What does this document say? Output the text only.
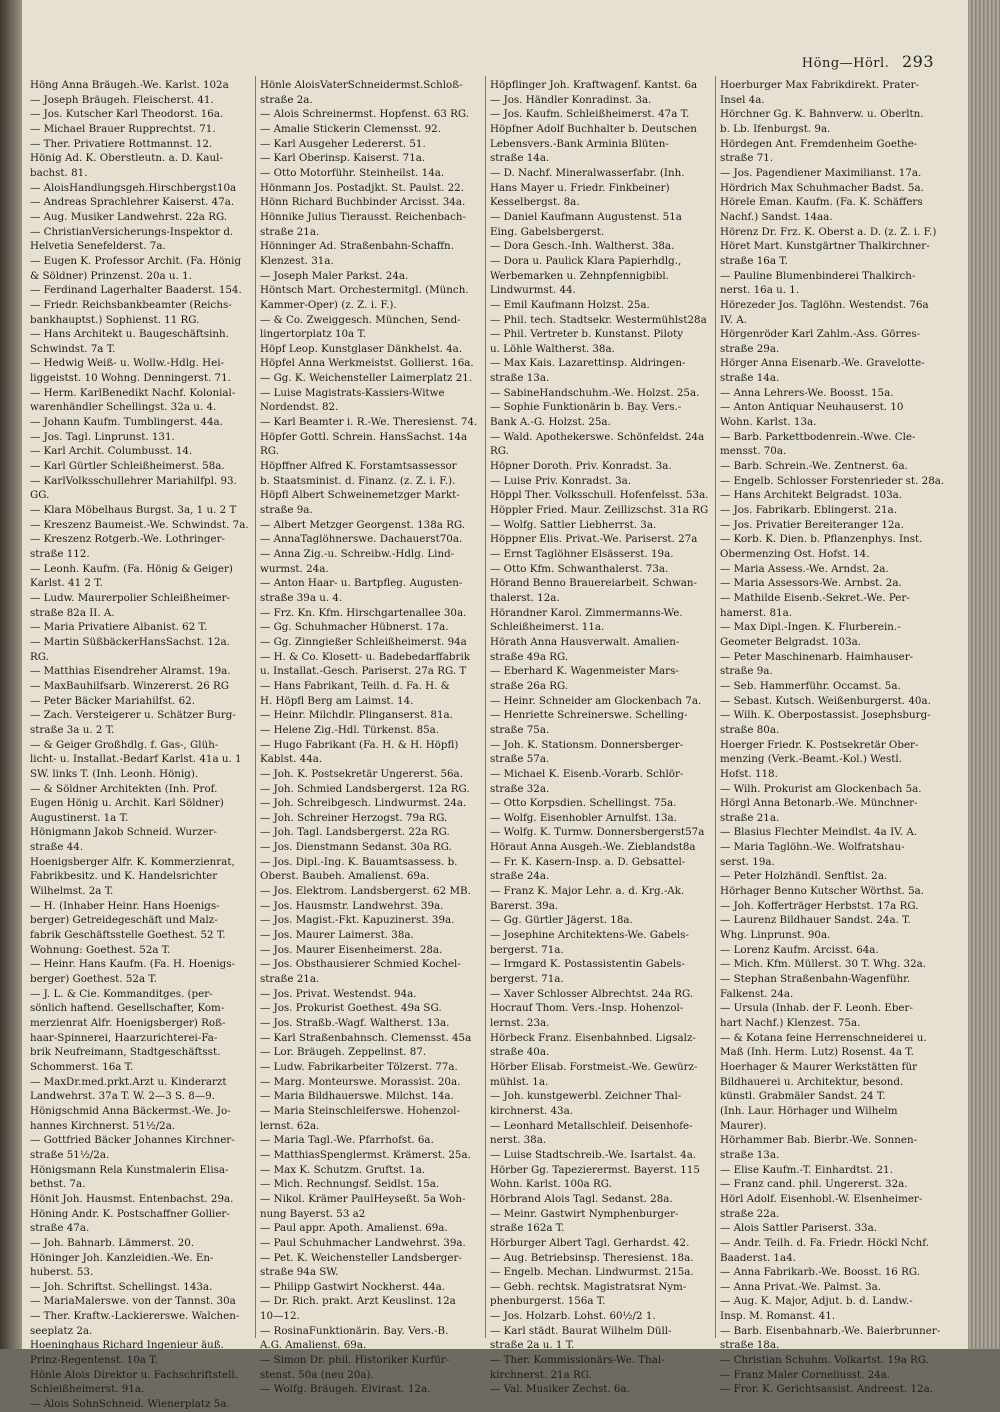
Höng—Hörl. 293
Höng Anna Bräugeh.-We. Karlst. 102a
— Joseph Bräugeh. Fleischerst. 41.
— Jos. Kutscher Karl Theodorst. 16a.
— Michael Brauer Rupprechtst. 71.
— Ther. Privatiere Rottmannst. 12.
Hönig Ad. K. Oberstleutn. a. D. Kaul-
bachst. 81.
— AloisHandlungsgeh.Hirschbergst10a
— Andreas Sprachlehrer Kaiserst. 47a.
— Aug. Musiker Landwehrst. 22a RG.
— ChristianVersicherungs-Inspektor d.
Helvetia Senefelderst. 7a.
— Eugen K. Professor Archit. (Fa. Hönig
& Söldner) Prinzenst. 20a u. 1.
— Ferdinand Lagerhalter Baaderst. 154.
— Friedr. Reichsbankbeamter (Reichs-
bankhauptst.) Sophienst. 11 RG.
— Hans Architekt u. Baugeschäftsinh.
Schwindst. 7a T.
— Hedwig Weiß- u. Wollw.-Hdlg. Hei-
liggeistst. 10 Wohng. Denningerst. 71.
— Herm. KarlBenedikt Nachf. Kolonial-
warenhändler Schellingst. 32a u. 4.
— Johann Kaufm. Tumblingerst. 44a.
— Jos. Tagl. Linprunst. 131.
— Karl Archit. Columbusst. 14.
— Karl Gürtler Schleißheimerst. 58a.
— KarlVolksschullehrer Mariahilfpl. 93.
GG.
— Klara Möbelhaus Burgst. 3a, 1 u. 2 T
— Kreszenz Baumeist.-We. Schwindst. 7a.
— Kreszenz Rotgerb.-We. Lothringer-
straße 112.
— Leonh. Kaufm. (Fa. Hönig & Geiger)
Karlst. 41 2 T.
— Ludw. Maurerpolier Schleißheimer-
straße 82a II. A.
— Maria Privatiere Albanist. 62 T.
— Martin SüßbäckerHansSachst. 12a.
RG.
— Matthias Eisendreher Alramst. 19a.
— MaxBauhilfsarb. Winzererst. 26 RG
— Peter Bäcker Mariahilfst. 62.
— Zach. Versteigerer u. Schätzer Burg-
straße 3a u. 2 T.
— & Geiger Großhdlg. f. Gas-, Glüh-
licht- u. Installat.-Bedarf Karlst. 41a u. 1
SW. links T. (Inh. Leonh. Hönig).
— & Söldner Architekten (Inh. Prof.
Eugen Hönig u. Archit. Karl Söldner)
Augustinerst. 1a T.
Hönigmann Jakob Schneid. Wurzer-
straße 44.
Hoenigsberger Alfr. K. Kommerzienrat,
Fabrikbesitz. und K. Handelsrichter
Wilhelmst. 2a T.
— H. (Inhaber Heinr. Hans Hoenigs-
berger) Getreidegeschäft und Malz-
fabrik Geschäftsstelle Goethest. 52 T.
Wohnung: Goethest. 52a T.
— Heinr. Hans Kaufm. (Fa. H. Hoenigs-
berger) Goethest. 52a T.
— J. L. & Cie. Kommanditges. (per-
sönlich haftend. Gesellschafter, Kom-
merzienrat Alfr. Hoenigsberger) Roß-
haar-Spinnerei, Haarzurichterei-Fa-
brik Neufreimann, Stadtgeschäftsst.
Schommerst. 16a T.
— MaxDr.med.prkt.Arzt u. Kinderarzt
Landwehrst. 37a T. W. 2—3 S. 8—9.
Hönigschmid Anna Bäckermst.-We. Jo-
hannes Kirchnerst. 51½/2a.
— Gottfried Bäcker Johannes Kirchner-
straße 51½/2a.
Hönigsmann Rela Kunstmalerin Elisa-
bethst. 7a.
Hönit Joh. Hausmst. Entenbachst. 29a.
Höning Andr. K. Postschaffner Gollier-
straße 47a.
— Joh. Bahnarb. Lämmerst. 20.
Höninger Joh. Kanzleidien.-We. En-
huberst. 53.
— Joh. Schriftst. Schellingst. 143a.
— MariaMalerswe. von der Tannst. 30a
— Ther. Kraftw.-Lackiererswe. Walchen-
seeplatz 2a.
Hoeninghaus Richard Ingenieur äuß.
Prinz-Regentenst. 10a T.
Hönle Alois Direktor u. Fachschriftstell.
Schleißheimerst. 91a.
— Alois SohnSchneid. Wienerplatz 5a.
Hönle AloisVaterSchneidermst.Schloß-
straße 2a.
— Alois Schreinermst. Hopfenst. 63 RG.
— Amalie Stickerin Clemensst. 92.
— Karl Ausgeher Ledererst. 51.
— Karl Oberinsp. Kaiserst. 71a.
— Otto Motorführ. Steinheilst. 14a.
Hönmann Jos. Postadjkt. St. Paulst. 22.
Hönn Richard Buchbinder Arcisst. 34a.
Hönnike Julius Tierausst. Reichenbach-
straße 21a.
Hönninger Ad. Straßenbahn-Schaffn.
Klenzest. 31a.
— Joseph Maler Parkst. 24a.
Höntsch Mart. Orchestermitgl. (Münch.
Kammer-Oper) (z. Z. i. F.).
— & Co. Zweiggesch. München, Send-
lingertorplatz 10a T.
Höpf Leop. Kunstglaser Dänkhelst. 4a.
Höpfel Anna Werkmeistst. Gollierst. 16a.
— Gg. K. Weichensteller Laimerplatz 21.
— Luise Magistrats-Kassiers-Witwe
Nordendst. 82.
— Karl Beamter i. R.-We. Theresienst. 74.
Höpfer Gottl. Schrein. HansSachst. 14a
RG.
Höpffner Alfred K. Forstamtsassessor
b. Staatsminist. d. Finanz. (z. Z. i. F.).
Höpfl Albert Schweinemetzger Markt-
straße 9a.
— Albert Metzger Georgenst. 138a RG.
— AnnaTaglöhnerswe. Dachauerst70a.
— Anna Zig.-u. Schreibw.-Hdlg. Lind-
wurmst. 24a.
— Anton Haar- u. Bartpfleg. Augusten-
straße 39a u. 4.
— Frz. Kn. Kfm. Hirschgartenallee 30a.
— Gg. Schuhmacher Hübnerst. 17a.
— Gg. Zinngießer Schleißheimerst. 94a
— H. & Co. Klosett- u. Badebedarffabrik
u. Installat.-Gesch. Pariserst. 27a RG. T
— Hans Fabrikant, Teilh. d. Fa. H. &
H. Höpfl Berg am Laimst. 14.
— Heinr. Milchdlr. Plinganserst. 81a.
— Helene Zig.-Hdl. Türkenst. 85a.
— Hugo Fabrikant (Fa. H. & H. Höpfl)
Kablst. 44a.
— Joh. K. Postsekretär Ungererst. 56a.
— Joh. Schmied Landsbergerst. 12a RG.
— Joh. Schreibgesch. Lindwurmst. 24a.
— Joh. Schreiner Herzogst. 79a RG.
— Joh. Tagl. Landsbergerst. 22a RG.
— Jos. Dienstmann Sedanst. 30a RG.
— Jos. Dipl.-Ing. K. Bauamtsassess. b.
Oberst. Baubeh. Amalienst. 69a.
— Jos. Elektrom. Landsbergerst. 62 MB.
— Jos. Hausmstr. Landwehrst. 39a.
— Jos. Magist.-Fkt. Kapuzinerst. 39a.
— Jos. Maurer Laimerst. 38a.
— Jos. Maurer Eisenheimerst. 28a.
— Jos. Obsthausierer Schmied Kochel-
straße 21a.
— Jos. Privat. Westendst. 94a.
— Jos. Prokurist Goethest. 49a SG.
— Jos. Straßb.-Wagf. Waltherst. 13a.
— Karl Straßenbahnsch. Clemensst. 45a
— Lor. Bräugeh. Zeppelinst. 87.
— Ludw. Fabrikarbeiter Tölzerst. 77a.
— Marg. Monteurswe. Morassist. 20a.
— Maria Bildhauerswe. Milchst. 14a.
— Maria Steinschleiferswe. Hohenzol-
lernst. 62a.
— Maria Tagl.-We. Pfarrhofst. 6a.
— MatthiasSpenglermst. Krämerst. 25a.
— Max K. Schutzm. Gruftst. 1a.
— Mich. Rechnungsf. Seidlst. 15a.
— Nikol. Krämer PaulHeyseßt. 5a Woh-
nung Bayerst. 53 a2
— Paul appr. Apoth. Amalienst. 69a.
— Paul Schuhmacher Landwehrst. 39a.
— Pet. K. Weichensteller Landsberger-
straße 94a SW.
— Philipp Gastwirt Nockherst. 44a.
— Dr. Rich. prakt. Arzt Keuslinst. 12a
10—12.
— RosinaFunktionärin. Bay. Vers.-B.
A.G. Amalienst. 69a.
— Simon Dr. phil. Historiker Kurfür-
stenst. 50a (neu 20a).
— Wolfg. Bräugeh. Elvirast. 12a.
Höpflinger Joh. Kraftwagenf. Kantst. 6a
— Jos. Händler Konradinst. 3a.
— Jos. Kaufm. Schleißheimerst. 47a T.
Höpfner Adolf Buchhalter b. Deutschen
Lebensvers.-Bank Arminia Blüten-
straße 14a.
— D. Nachf. Mineralwasserfabr. (Inh.
Hans Mayer u. Friedr. Finkbeiner)
Kesselbergst. 8a.
— Daniel Kaufmann Augustenst. 51a
Eing. Gabelsbergerst.
— Dora Gesch.-Inh. Waltherst. 38a.
— Dora u. Paulick Klara Papierhdlg.,
Werbemarken u. Zehnpfennigbibl.
Lindwurmst. 44.
— Emil Kaufmann Holzst. 25a.
— Phil. tech. Stadtsekr. Westermühlst28a
— Phil. Vertreter b. Kunstanst. Piloty
u. Löhle Waltherst. 38a.
— Max Kais. Lazarettinsp. Aldringen-
straße 13a.
— SabineHandschuhm.-We. Holzst. 25a.
— Sophie Funktionärin b. Bay. Vers.-
Bank A.-G. Holzst. 25a.
— Wald. Apothekerswe. Schönfeldst. 24a
RG.
Höpner Doroth. Priv. Konradst. 3a.
— Luise Priv. Konradst. 3a.
Höppl Ther. Volksschull. Hofenfelsst. 53a.
Höppler Fried. Maur. Zeillizschst. 31a RG
— Wolfg. Sattler Liebherrst. 3a.
Höppner Elis. Privat.-We. Pariserst. 27a
— Ernst Taglöhner Elsässerst. 19a.
— Otto Kfm. Schwanthalerst. 73a.
Hörand Benno Brauereiarbeit. Schwan-
thalerst. 12a.
Hörandner Karol. Zimmermanns-We.
Schleißheimerst. 11a.
Hörath Anna Hausverwalt. Amalien-
straße 49a RG.
— Eberhard K. Wagenmeister Mars-
straße 26a RG.
— Heinr. Schneider am Glockenbach 7a.
— Henriette Schreinerswe. Schelling-
straße 75a.
— Joh. K. Stationsm. Donnersberger-
straße 57a.
— Michael K. Eisenb.-Vorarb. Schlör-
straße 32a.
— Otto Korpsdien. Schellingst. 75a.
— Wolfg. Eisenhobler Arnulfst. 13a.
— Wolfg. K. Turmw. Donnersbergerst57a
Höraut Anna Ausgeh.-We. Zieblandst8a
— Fr. K. Kasern-Insp. a. D. Gebsattel-
straße 24a.
— Franz K. Major Lehr. a. d. Krg.-Ak.
Barerst. 39a.
— Gg. Gürtler Jägerst. 18a.
— Josephine Architektens-We. Gabels-
bergerst. 71a.
— Irmgard K. Postassistentin Gabels-
bergerst. 71a.
— Xaver Schlosser Albrechtst. 24a RG.
Hocrauf Thom. Vers.-Insp. Hohenzol-
lernst. 23a.
Hörbeck Franz. Eisenbahnbed. Ligsalz-
straße 40a.
Hörber Elisab. Forstmeist.-We. Gewürz-
mühlst. 1a.
— Joh. kunstgewerbl. Zeichner Thal-
kirchnerst. 43a.
— Leonhard Metallschleif. Deisenhofe-
nerst. 38a.
— Luise Stadtschreib.-We. Isartalst. 4a.
Hörber Gg. Tapezierermst. Bayerst. 115
Wohn. Karlst. 100a RG.
Hörbrand Alois Tagl. Sedanst. 28a.
— Meinr. Gastwirt Nymphenburger-
straße 162a T.
Hörburger Albert Tagl. Gerhardst. 42.
— Aug. Betriebsinsp. Theresienst. 18a.
— Engelb. Mechan. Lindwurmst. 215a.
— Gebh. rechtsk. Magistratsrat Nym-
phenburgerst. 156a T.
— Jos. Holzarb. Lohst. 60½/2 1.
— Karl städt. Baurat Wilhelm Düll-
straße 2a u. 1 T.
— Ther. Kommissionärs-We. Thal-
kirchnerst. 21a RG.
— Val. Musiker Zechst. 6a.
Hoerburger Max Fabrikdirekt. Prater-
Insel 4a.
Hörchner Gg. K. Bahnverw. u. Oberltn.
b. Lb. Ifenburgst. 9a.
Hördegen Ant. Fremdenheim Goethe-
straße 71.
— Jos. Pagendiener Maximilianst. 17a.
Hördrich Max Schuhmacher Badst. 5a.
Hörele Eman. Kaufm. (Fa. K. Schäffers
Nachf.) Sandst. 14aa.
Hörenz Dr. Frz. K. Oberst a. D. (z. Z. i. F.)
Höret Mart. Kunstgärtner Thalkirchner-
straße 16a T.
— Pauline Blumenbinderei Thalkirch-
nerst. 16a u. 1.
Hörezeder Jos. Taglöhn. Westendst. 76a
IV. A.
Hörgenröder Karl Zahlm.-Ass. Görres-
straße 29a.
Hörger Anna Eisenarb.-We. Gravelotte-
straße 14a.
— Anna Lehrers-We. Boosst. 15a.
— Anton Antiquar Neuhauserst. 10
Wohn. Karlst. 13a.
— Barb. Parkettbodenrein.-Wwe. Cle-
mensst. 70a.
— Barb. Schrein.-We. Zentnerst. 6a.
— Engelb. Schlosser Forstenrieder st. 28a.
— Hans Architekt Belgradst. 103a.
— Jos. Fabrikarb. Eblingerst. 21a.
— Jos. Privatier Bereiteranger 12a.
— Korb. K. Dien. b. Pflanzenphys. Inst.
Obermenzing Ost. Hofst. 14.
— Maria Assess.-We. Arndst. 2a.
— Maria Assessors-We. Arnbst. 2a.
— Mathilde Eisenb.-Sekret.-We. Per-
hamerst. 81a.
— Max Dipl.-Ingen. K. Flurberein.-
Geometer Belgradst. 103a.
— Peter Maschinenarb. Haimhauser-
straße 9a.
— Seb. Hammerführ. Occamst. 5a.
— Sebast. Kutsch. Weißenburgerst. 40a.
— Wilh. K. Oberpostassist. Josephsburg-
straße 80a.
Hoerger Friedr. K. Postsekretär Ober-
menzing (Verk.-Beamt.-Kol.) Westl.
Hofst. 118.
— Wilh. Prokurist am Glockenbach 5a.
Hörgl Anna Betonarb.-We. Münchner-
straße 21a.
— Blasius Flechter Meindlst. 4a IV. A.
— Maria Taglöhn.-We. Wolfratshau-
serst. 19a.
— Peter Holzhändl. Senftlst. 2a.
Hörhager Benno Kutscher Wörthst. 5a.
— Joh. Kofferträger Herbstst. 17a RG.
— Laurenz Bildhauer Sandst. 24a. T.
Whg. Linprunst. 90a.
— Lorenz Kaufm. Arcisst. 64a.
— Mich. Kfm. Müllerst. 30 T. Whg. 32a.
— Stephan Straßenbahn-Wagenführ.
Falkenst. 24a.
— Ursula (Inhab. der F. Leonh. Eber-
hart Nachf.) Klenzest. 75a.
— & Kotana feine Herrenschneiderei u.
Maß (Inh. Herm. Lutz) Rosenst. 4a T.
Hoerhager & Maurer Werkstätten für
Bildhauerei u. Architektur, besond.
künstl. Grabmäler Sandst. 24 T.
(Inh. Laur. Hörhager und Wilhelm
Maurer).
Hörhammer Bab. Bierbr.-We. Sonnen-
straße 13a.
— Elise Kaufm.-T. Einhardtst. 21.
— Franz cand. phil. Ungererst. 32a.
Hörl Adolf. Eisenhobl.-W. Elsenheimer-
straße 22a.
— Alois Sattler Pariserst. 33a.
— Andr. Teilh. d. Fa. Friedr. Höckl Nchf.
Baaderst. 1a4.
— Anna Fabrikarb.-We. Boosst. 16 RG.
— Anna Privat.-We. Palmst. 3a.
— Aug. K. Major, Adjut. b. d. Landw.-
Insp. M. Romanst. 41.
— Barb. Eisenbahnarb.-We. Baierbrunner-
straße 18a.
— Christian Schuhm. Volkartst. 19a RG.
— Franz Maler Corneliusst. 24a.
— Fror. K. Gerichtsassist. Andreest. 12a.
